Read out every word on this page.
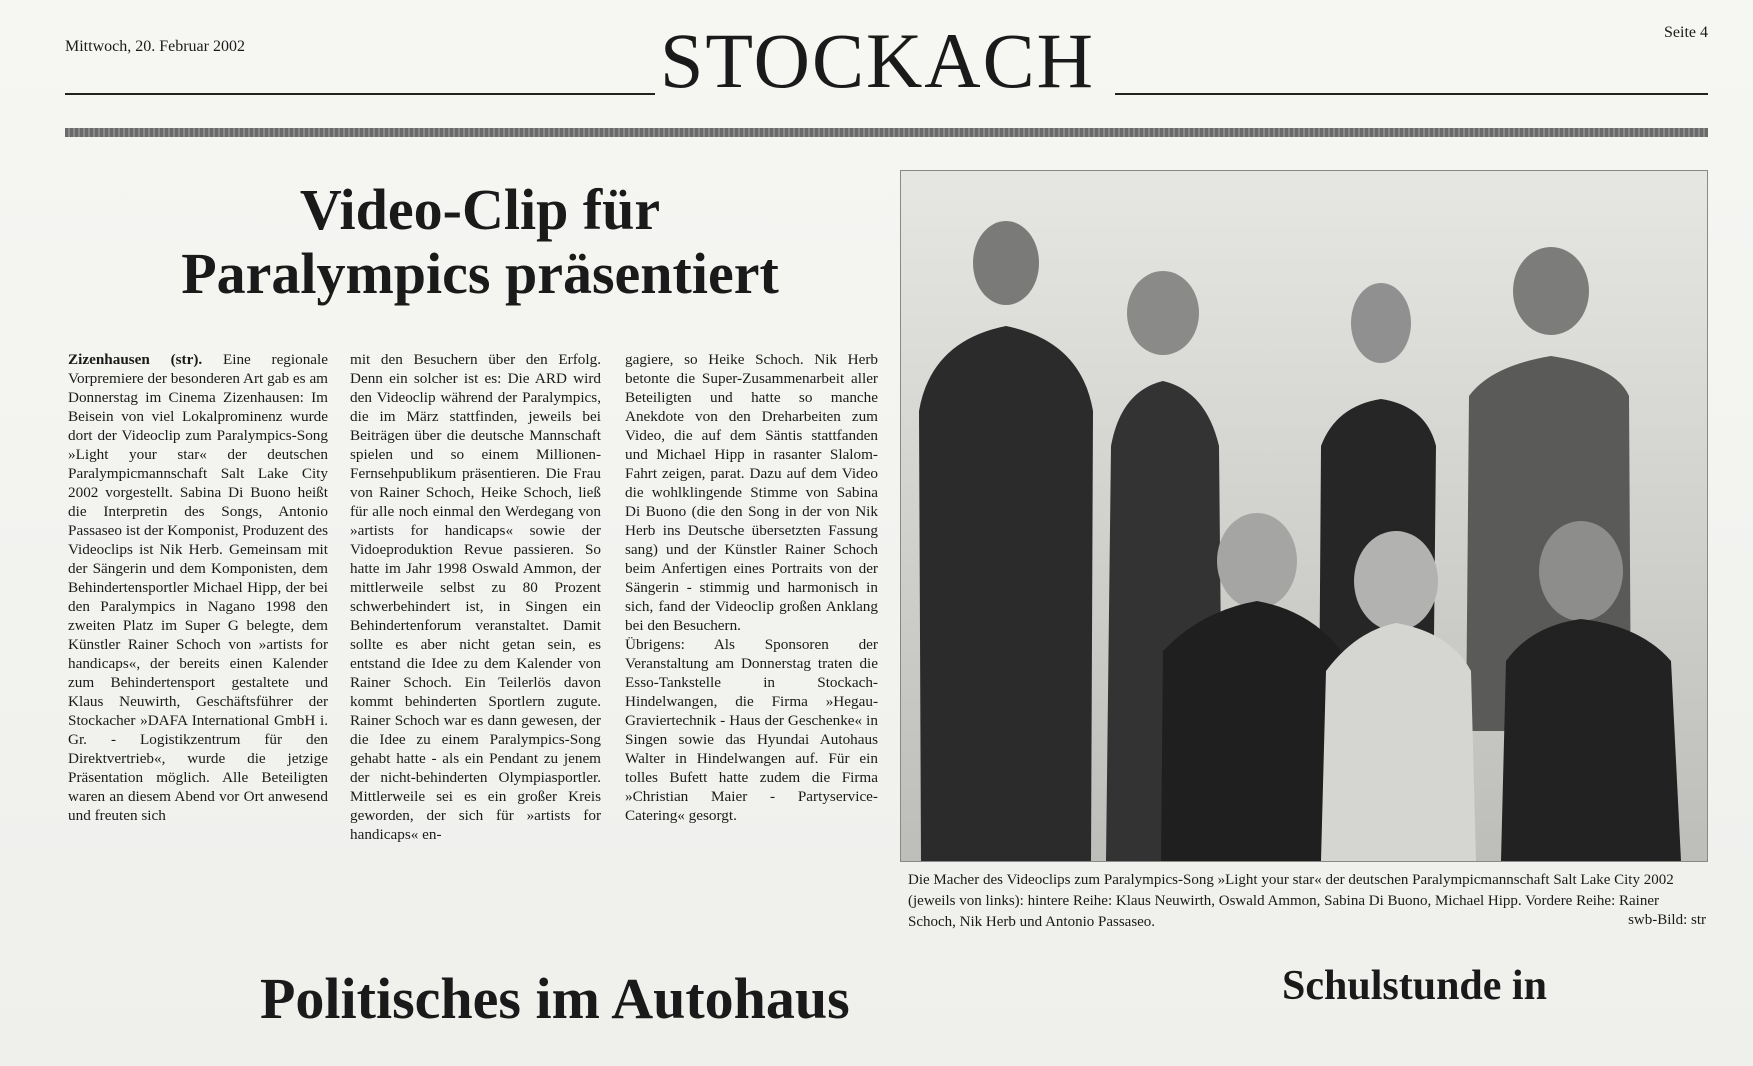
Mittwoch, 20. Februar 2002
Seite 4
STOCKACH
Video-Clip für
Paralympics präsentiert
Zizenhausen (str). Eine regionale Vorpremiere der besonderen Art gab es am Donnerstag im Cinema Zizenhausen: Im Beisein von viel Lokalprominenz wurde dort der Videoclip zum Paralympics-Song »Light your star« der deutschen Paralympicmannschaft Salt Lake City 2002 vorgestellt. Sabina Di Buono heißt die Interpretin des Songs, Antonio Passaseo ist der Komponist, Produzent des Videoclips ist Nik Herb. Gemeinsam mit der Sängerin und dem Komponisten, dem Behindertensportler Michael Hipp, der bei den Paralympics in Nagano 1998 den zweiten Platz im Super G belegte, dem Künstler Rainer Schoch von »artists for handicaps«, der bereits einen Kalender zum Behindertensport gestaltete und Klaus Neuwirth, Geschäftsführer der Stockacher »DAFA International GmbH i. Gr. - Logistikzentrum für den Direktvertrieb«, wurde die jetzige Präsentation möglich. Alle Beteiligten waren an diesem Abend vor Ort anwesend und freuten sich
mit den Besuchern über den Erfolg. Denn ein solcher ist es: Die ARD wird den Videoclip während der Paralympics, die im März stattfinden, jeweils bei Beiträgen über die deutsche Mannschaft spielen und so einem Millionen-Fernsehpublikum präsentieren. Die Frau von Rainer Schoch, Heike Schoch, ließ für alle noch einmal den Werdegang von »artists for handicaps« sowie der Vidoeproduktion Revue passieren. So hatte im Jahr 1998 Oswald Ammon, der mittlerweile selbst zu 80 Prozent schwerbehindert ist, in Singen ein Behindertenforum veranstaltet. Damit sollte es aber nicht getan sein, es entstand die Idee zu dem Kalender von Rainer Schoch. Ein Teilerlös davon kommt behinderten Sportlern zugute. Rainer Schoch war es dann gewesen, der die Idee zu einem Paralympics-Song gehabt hatte - als ein Pendant zu jenem der nicht-behinderten Olympiasportler. Mittlerweile sei es ein großer Kreis geworden, der sich für »artists for handicaps« en-
gagiere, so Heike Schoch. Nik Herb betonte die Super-Zusammenarbeit aller Beteiligten und hatte so manche Anekdote von den Dreharbeiten zum Video, die auf dem Säntis stattfanden und Michael Hipp in rasanter Slalom-Fahrt zeigen, parat. Dazu auf dem Video die wohlklingende Stimme von Sabina Di Buono (die den Song in der von Nik Herb ins Deutsche übersetzten Fassung sang) und der Künstler Rainer Schoch beim Anfertigen eines Portraits von der Sängerin - stimmig und harmonisch in sich, fand der Videoclip großen Anklang bei den Besuchern.
Übrigens: Als Sponsoren der Veranstaltung am Donnerstag traten die Esso-Tankstelle in Stockach-Hindelwangen, die Firma »Hegau-Graviertechnik - Haus der Geschenke« in Singen sowie das Hyundai Autohaus Walter in Hindelwangen auf. Für ein tolles Bufett hatte zudem die Firma »Christian Maier - Partyservice-Catering« gesorgt.
Die Macher des Videoclips zum Paralympics-Song »Light your star« der deutschen Paralympicmannschaft Salt Lake City 2002 (jeweils von links): hintere Reihe: Klaus Neuwirth, Oswald Ammon, Sabina Di Buono, Michael Hipp. Vordere Reihe: Rainer Schoch, Nik Herb und Antonio Passaseo.	swb-Bild: str
Politisches im Autohaus	Schulstunde in
